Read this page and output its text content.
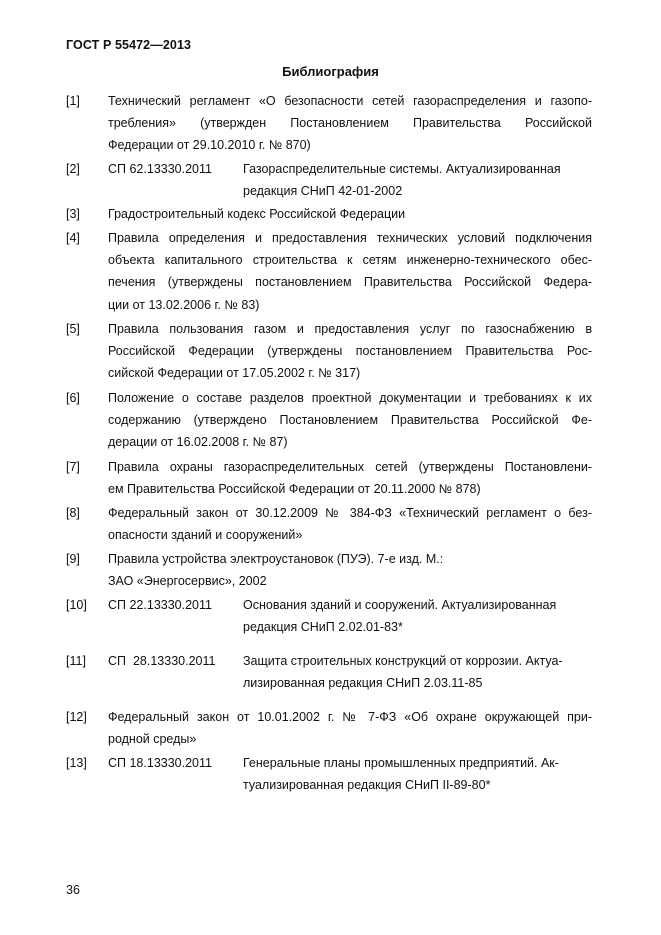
ГОСТ Р 55472—2013
Библиография
[1] Технический регламент «О безопасности сетей газораспределения и газопо-
требления» (утвержден Постановлением Правительства Российской
Федерации от 29.10.2010 г. № 870)
[2] СП 62.13330.2011 Газораспределительные системы. Актуализированная редакция СНиП 42-01-2002
[3] Градостроительный кодекс Российской Федерации
[4] Правила определения и предоставления технических условий подключения
объекта капитального строительства к сетям инженерно-технического обес-
печения (утверждены постановлением Правительства Российской Федера-
ции от 13.02.2006 г. № 83)
[5] Правила пользования газом и предоставления услуг по газоснабжению в
Российской Федерации (утверждены постановлением Правительства Рос-
сийской Федерации от 17.05.2002 г. № 317)
[6] Положение о составе разделов проектной документации и требованиях к их
содержанию (утверждено Постановлением Правительства Российской Фе-
дерации от 16.02.2008 г. № 87)
[7] Правила охраны газораспределительных сетей (утверждены Постановлени-
ем Правительства Российской Федерации от 20.11.2000 № 878)
[8] Федеральный закон от 30.12.2009 № 384-ФЗ «Технический регламент о без-
опасности зданий и сооружений»
[9] Правила устройства электроустановок (ПУЭ). 7-е изд. М.:
ЗАО «Энергосервис», 2002
[10] СП 22.13330.2011 Основания зданий и сооружений. Актуализированная редакция СНиП 2.02.01-83*
[11] СП  28.13330.2011 Защита строительных конструкций от коррозии. Актуа- лизированная редакция СНиП 2.03.11-85
[12] Федеральный закон от 10.01.2002 г. № 7-ФЗ «Об охране окружающей при-
родной среды»
[13] СП 18.13330.2011 Генеральные планы промышленных предприятий. Ак- туализированная редакция СНиП II-89-80*
36
